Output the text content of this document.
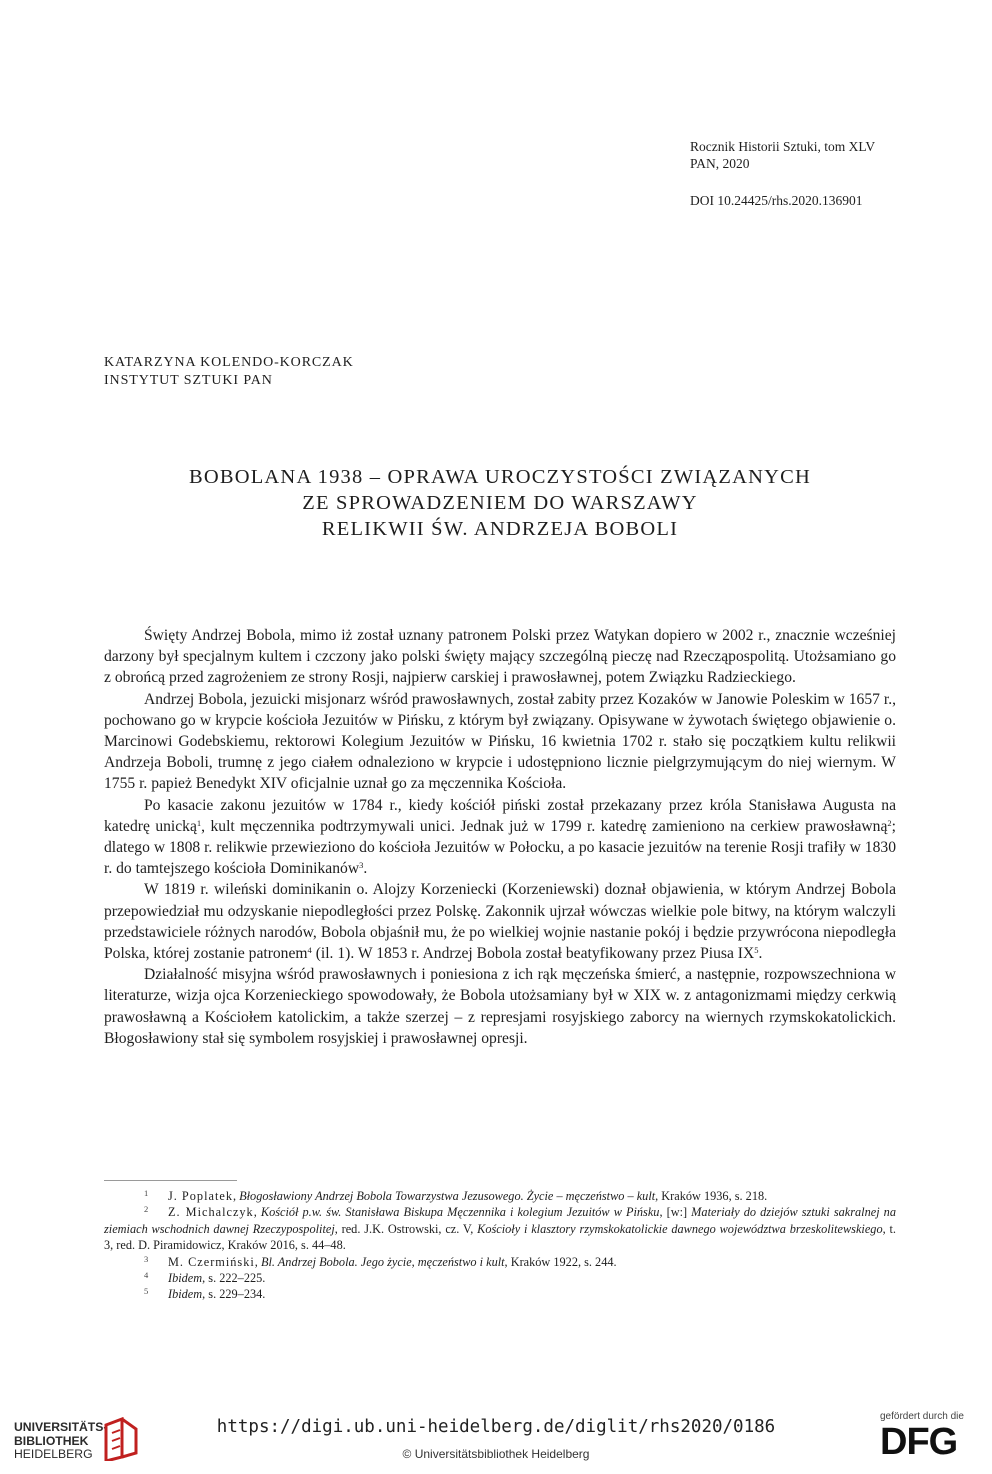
Rocznik Historii Sztuki, tom XLV
PAN, 2020
DOI 10.24425/rhs.2020.136901
KATARZYNA KOLENDO-KORCZAK
INSTYTUT SZTUKI PAN
BOBOLANA 1938 – OPRAWA UROCZYSTOŚCI ZWIĄZANYCH
ZE SPROWADZENIEM DO WARSZAWY
RELIKWII ŚW. ANDRZEJA BOBOLI

Święty Andrzej Bobola, mimo iż został uznany patronem Polski przez Watykan dopiero w 2002 r., znacznie wcześniej darzony był specjalnym kultem i czczony jako polski święty mający szczególną pieczę nad Rzecząpospolitą. Utożsamiano go z obrońcą przed zagrożeniem ze strony Rosji, najpierw carskiej i prawosławnej, potem Związku Radzieckiego.

Andrzej Bobola, jezuicki misjonarz wśród prawosławnych, został zabity przez Kozaków w Janowie Poleskim w 1657 r., pochowano go w krypcie kościoła Jezuitów w Pińsku, z którym był związany. Opisywane w żywotach świętego objawienie o. Marcinowi Godebskiemu, rektorowi Kolegium Jezuitów w Pińsku, 16 kwietnia 1702 r. stało się początkiem kultu relikwii Andrzeja Boboli, trumnę z jego ciałem odnaleziono w krypcie i udostępniono licznie pielgrzymującym do niej wiernym. W 1755 r. papież Benedykt XIV oficjalnie uznał go za męczennika Kościoła.

Po kasacie zakonu jezuitów w 1784 r., kiedy kościół piński został przekazany przez króla Stanisława Augusta na katedrę unicką$^1$, kult męczennika podtrzymywali unici. Jednak już w 1799 r. katedrę zamieniono na cerkiew prawosławną$^2$; dlatego w 1808 r. relikwie przewieziono do kościoła Jezuitów w Połocku, a po kasacie jezuitów na terenie Rosji trafiły w 1830 r. do tamtejszego kościoła Dominikanów$^3$.

W 1819 r. wileński dominikanin o. Alojzy Korzeniecki (Korzeniewski) doznał objawienia, w którym Andrzej Bobola przepowiedział mu odzyskanie niepodległości przez Polskę. Zakonnik ujrzał wówczas wielkie pole bitwy, na którym walczyli przedstawiciele różnych narodów, Bobola objaśnił mu, że po wielkiej wojnie nastanie pokój i będzie przywrócona niepodległa Polska, której zostanie patronem$^4$ (il. 1). W 1853 r. Andrzej Bobola został beatyfikowany przez Piusa $IX^5$.

Działalność misyjna wśród prawosławnych i poniesiona z ich rąk męczeńska śmierć, a następnie, rozpowszechniona w literaturze, wizja ojca Korzenieckiego spowodowały, że Bobola utożsamiany był w XIX w. z antagonizmami między cerkwią prawosławną a Kościołem katolickim, a także szerzej – z represjami rosyjskiego zaborcy na wiernych rzymskokatolickich. Błogosławiony stał się symbolem rosyjskiej i prawosławnej opresji.

1 J. Poplatek, Błogosławiony Andrzej Bobola Towarzystwa Jezusowego. Życie – męczeństwo – kult, Kraków 1936, s. 218.

2 Z. Michalczyk, Kościół p.w. św. Stanisława Biskupa Męczennika i kolegium Jezuitów w Pińsku, [w:] Materiały do dziejów sztuki sakralnej na ziemiach wschodnich dawnej Rzeczypospolitej, red. J.K. Ostrowski, cz. V, Kościoły i klasztory rzymskokatolickie dawnego województwa brzeskolitewskiego, t. 3, red. D. Piramidowicz, Kraków 2016, s. 44–48.

3 M. Czermiński, Bl. Andrzej Bobola. Jego życie, męczeństwo i kult, Kraków 1922, s. 244.

4 Ibidem, s. 222–225.

5 Ibidem, s. 229–234.

UNIVERSITÄTS-
BIBLIOTHEK
HEIDELBERG
https://digi.ub.uni-heidelberg.de/diglit/rhs2020/0186
© Universitätsbibliothek Heidelberg
gefördert durch die
DFG
